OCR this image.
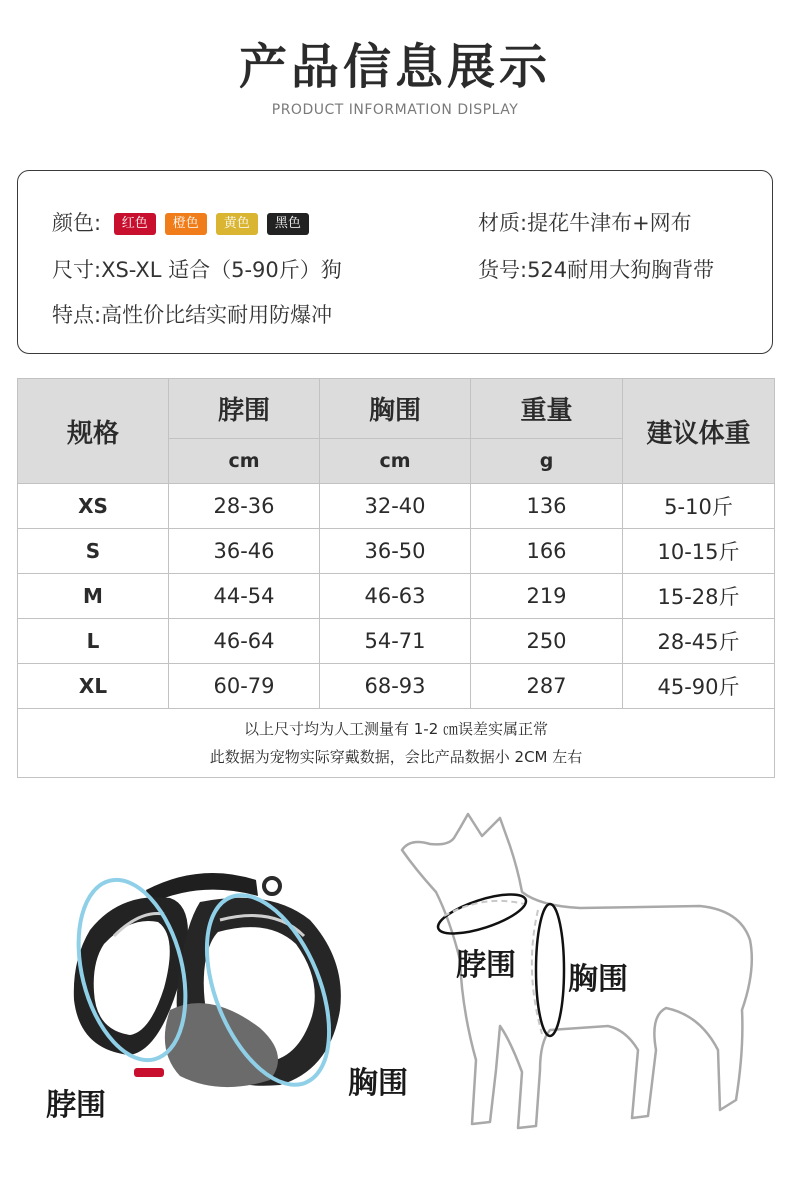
产品信息展示
PRODUCT INFORMATION DISPLAY
颜色: 红色 橙色 黄色 黑色	材质:提花牛津布+网布
尺寸:XS-XL 适合（5-90斤）狗	货号:524耐用大狗胸背带
特点:高性价比结实耐用防爆冲
规格	脖围	胸围	重量	建议体重
	cm	cm	g	
XS	28-36	32-40	136	5-10斤
S	36-46	36-50	166	10-15斤
M	44-54	46-63	219	15-28斤
L	46-64	54-71	250	28-45斤
XL	60-79	68-93	287	45-90斤

以上尺寸均为人工测量有 1-2 ㎝误差实属正常
此数据为宠物实际穿戴数据，会比产品数据小 2CM 左右				
脖围
胸围
脖围 胸围
